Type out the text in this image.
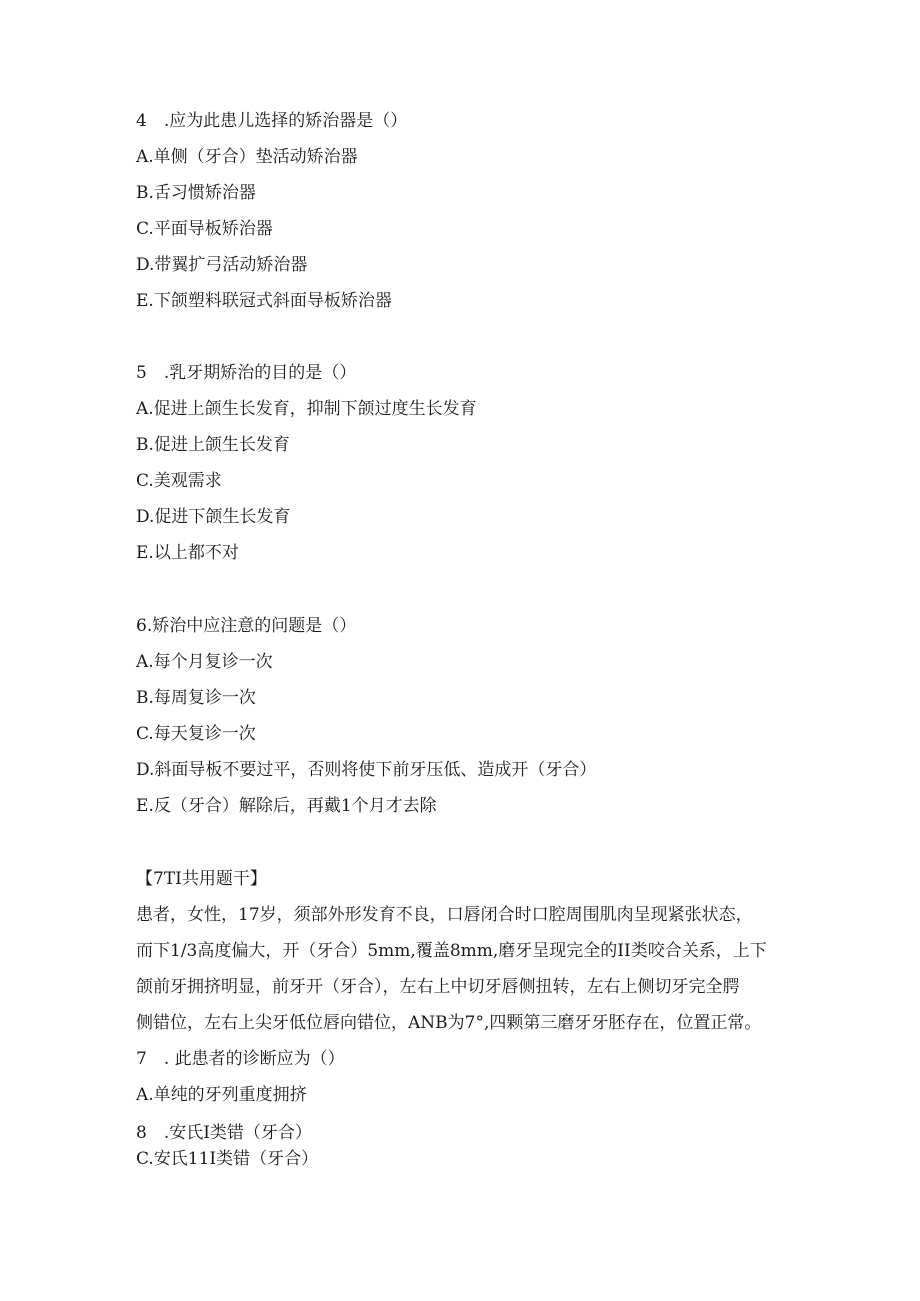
4　.应为此患儿选择的矫治器是（）
A.单侧（牙合）垫活动矫治器
B.舌习惯矫治器
C.平面导板矫治器
D.带翼扩弓活动矫治器
E.下颌塑料联冠式斜面导板矫治器
5　.乳牙期矫治的目的是（）
A.促进上颌生长发育，抑制下颌过度生长发育
B.促进上颌生长发育
C.美观需求
D.促进下颌生长发育
E.以上都不对
6.矫治中应注意的问题是（）
A.每个月复诊一次
B.每周复诊一次
C.每天复诊一次
D.斜面导板不要过平，否则将使下前牙压低、造成开（牙合）
E.反（牙合）解除后，再戴1个月才去除
【7TI共用题干】
患者，女性，17岁，须部外形发育不良，口唇闭合时口腔周围肌肉呈现紧张状态，
而下1/3高度偏大，开（牙合）5mm,覆盖8mm,磨牙呈现完全的II类咬合关系，上下
颌前牙拥挤明显，前牙开（牙合），左右上中切牙唇侧扭转，左右上侧切牙完全腭
侧错位，左右上尖牙低位唇向错位，ANB为7°,四颗第三磨牙牙胚存在，位置正常。
7　. 此患者的诊断应为（）
A.单纯的牙列重度拥挤
8　.安氏I类错（牙合）
C.安氏11I类错（牙合）
